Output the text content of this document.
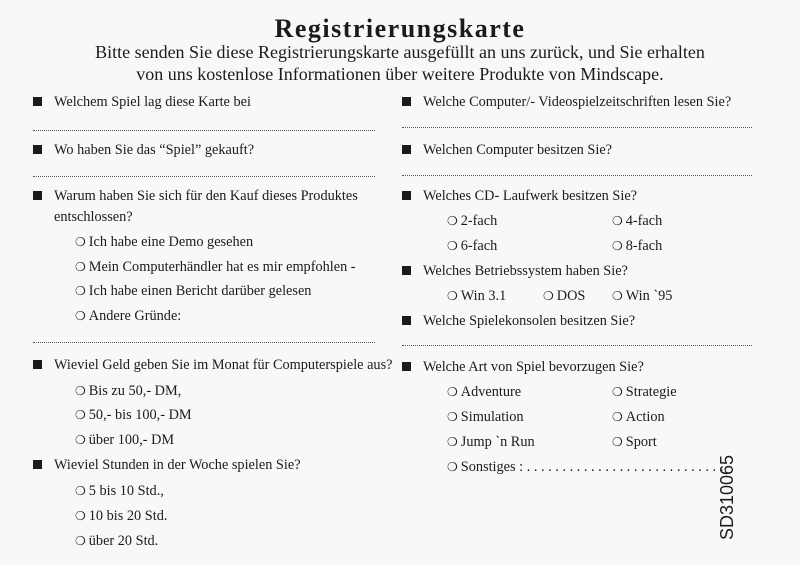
Registrierungskarte
Bitte senden Sie diese Registrierungskarte ausgefüllt an uns zurück, und Sie erhalten
von uns kostenlose Informationen über weitere Produkte von Mindscape.
Welchem Spiel lag diese Karte bei
Wo haben Sie das “Spiel” gekauft?
Warum haben Sie sich für den Kauf dieses Produktes
entschlossen?
❍ Ich habe eine Demo gesehen
❍ Mein Computerhändler hat es mir empfohlen -
❍ Ich habe einen Bericht darüber gelesen
❍ Andere Gründe:
Wieviel Geld geben Sie im Monat für Computerspiele aus?
❍ Bis zu 50,- DM,
❍ 50,- bis 100,- DM
❍ über 100,- DM
Wieviel Stunden in der Woche spielen Sie?
❍ 5 bis 10 Std.,
❍ 10 bis 20 Std.
❍ über 20 Std.
Welche Computer/- Videospielzeitschriften lesen Sie?
Welchen Computer besitzen Sie?
Welches CD- Laufwerk besitzen Sie?
❍ 2-fach	❍ 4-fach
❍ 6-fach	❍ 8-fach
Welches Betriebssystem haben Sie?
❍ Win 3.1	❍ DOS ❍ Win `95
Welche Spielekonsolen besitzen Sie?
Welche Art von Spiel bevorzugen Sie?
❍ Adventure	❍ Strategie
❍ Simulation	❍ Action
❍ Jump `n Run	❍ Sport
❍ Sonstiges : . . . . . . . . . . . . . . . . . . . . . . . . . . . .
SD310065
